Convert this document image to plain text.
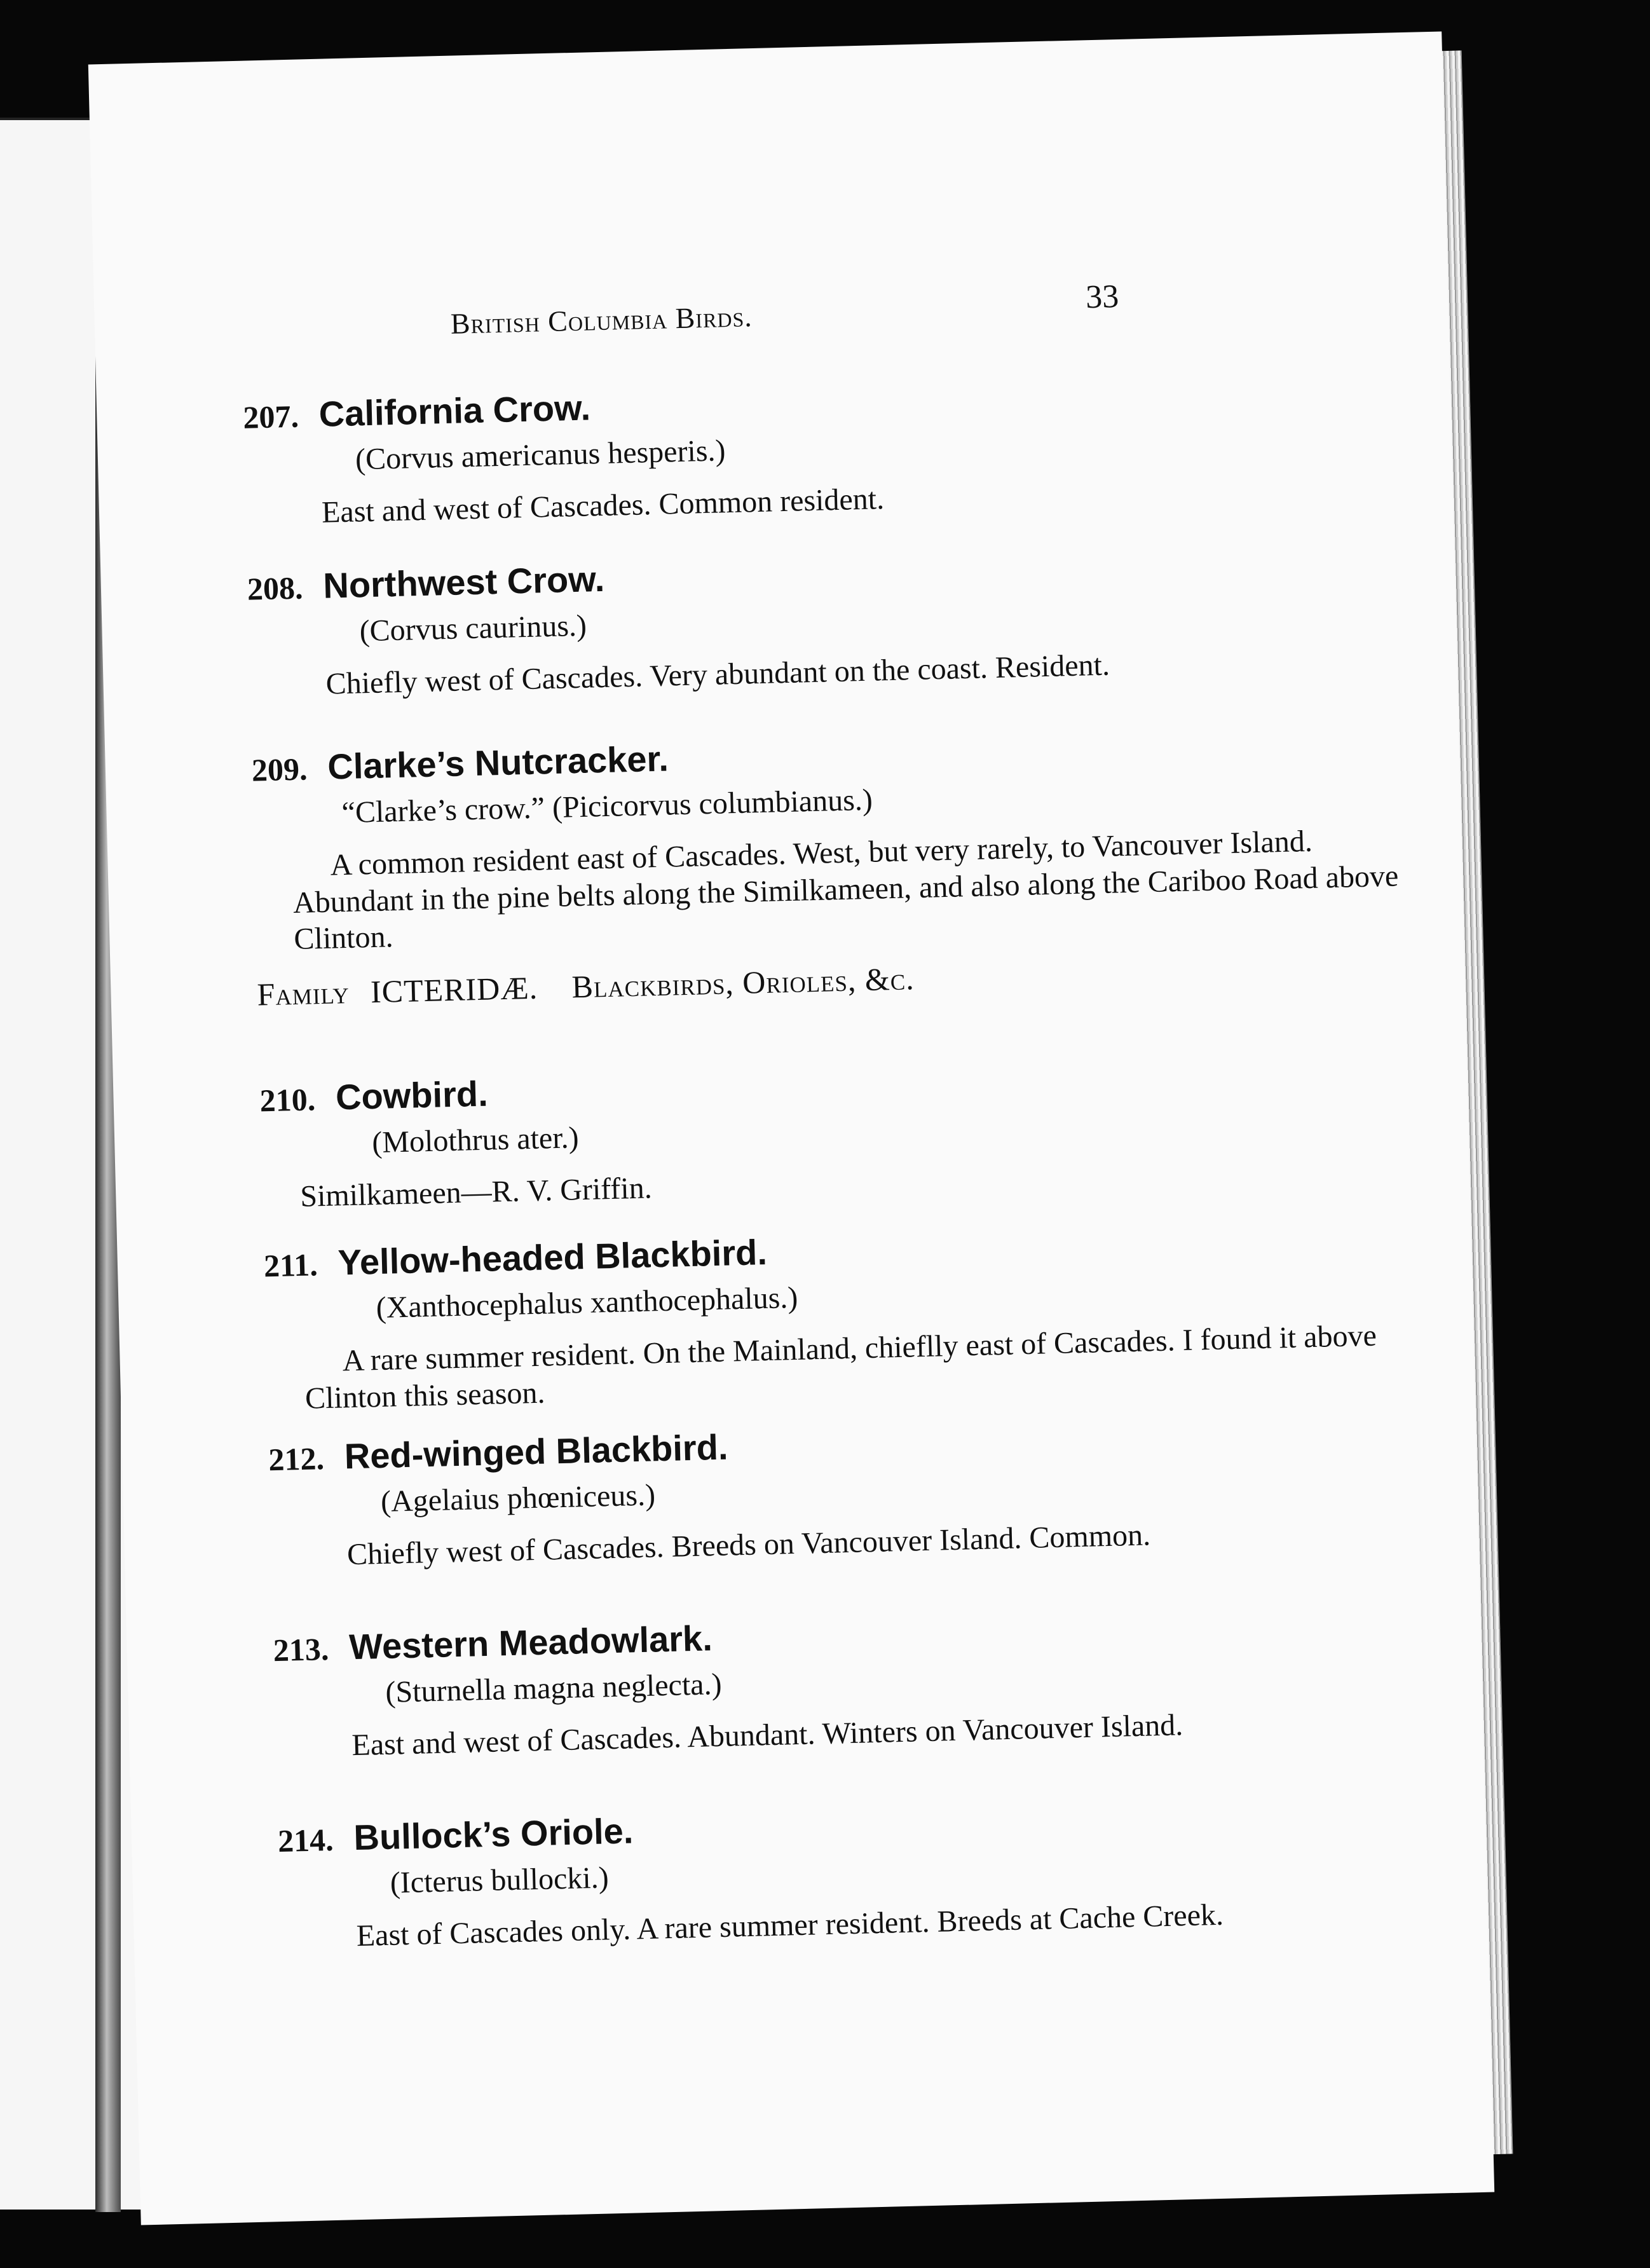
British Columbia Birds.
33
207. California Crow.

(Corvus americanus hesperis.)

East and west of Cascades. Common resident.

208. Northwest Crow.

(Corvus caurinus.)

Chiefly west of Cascades. Very abundant on the coast. Resident.

209. Clarke’s Nutcracker.

“Clarke’s crow.” (Picicorvus columbianus.)

A common resident east of Cascades. West, but very rarely, to Vancouver Island. Abundant in the pine belts along the Similkameen, and also along the Cariboo Road above Clinton.

Family ICTERIDÆ. Blackbirds, Orioles, &c.
210. Cowbird.

(Molothrus ater.)

Similkameen—R. V. Griffin.

211. Yellow-headed Blackbird.

(Xanthocephalus xanthocephalus.)

A rare summer resident. On the Mainland, chieflly east of Cascades. I found it above Clinton this season.

212. Red-winged Blackbird.

(Agelaius phœniceus.)

Chiefly west of Cascades. Breeds on Vancouver Island. Common.

213. Western Meadowlark.

(Sturnella magna neglecta.)

East and west of Cascades. Abundant. Winters on Vancouver Island.

214. Bullock’s Oriole.

(Icterus bullocki.)

East of Cascades only. A rare summer resident. Breeds at Cache Creek.
